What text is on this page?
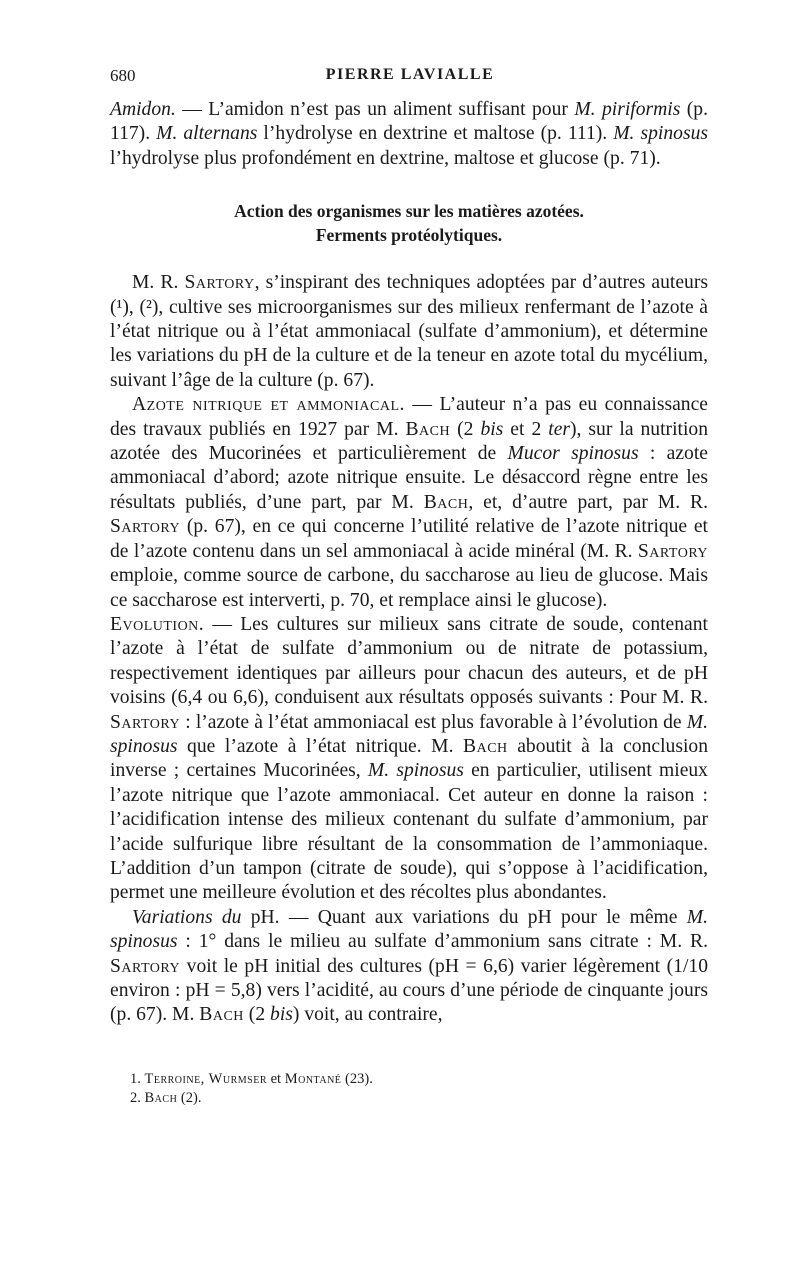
680	PIERRE LAVIALLE

Amidon. — L’amidon n’est pas un aliment suffisant pour M. piriformis (p. 117). M. alternans l’hydrolyse en dextrine et maltose (p. 111). M. spinosus l’hydrolyse plus profondément en dextrine, maltose et glucose (p. 71).

Action des organismes sur les matières azotées.
Ferments protéolytiques.

M. R. Sartory, s’inspirant des techniques adoptées par d’autres auteurs (¹), (²), cultive ses microorganismes sur des milieux renfermant de l’azote à l’état nitrique ou à l’état ammoniacal (sulfate d’ammonium), et détermine les variations du pH de la culture et de la teneur en azote total du mycélium, suivant l’âge de la culture (p. 67).

Azote nitrique et ammoniacal. — L’auteur n’a pas eu connaissance des travaux publiés en 1927 par M. Bach (2 bis et 2 ter), sur la nutrition azotée des Mucorinées et particulièrement de Mucor spinosus : azote ammoniacal d’abord; azote nitrique ensuite. Le désaccord règne entre les résultats publiés, d’une part, par M. Bach, et, d’autre part, par M. R. Sartory (p. 67), en ce qui concerne l’utilité relative de l’azote nitrique et de l’azote contenu dans un sel ammoniacal à acide minéral (M. R. Sartory emploie, comme source de carbone, du saccharose au lieu de glucose. Mais ce saccharose est interverti, p. 70, et remplace ainsi le glucose).

Evolution. — Les cultures sur milieux sans citrate de soude, contenant l’azote à l’état de sulfate d’ammonium ou de nitrate de potassium, respectivement identiques par ailleurs pour chacun des auteurs, et de pH voisins (6,4 ou 6,6), conduisent aux résultats opposés suivants : Pour M. R. Sartory : l’azote à l’état ammoniacal est plus favorable à l’évolution de M. spinosus que l’azote à l’état nitrique. M. Bach aboutit à la conclusion inverse ; certaines Mucorinées, M. spinosus en particulier, utilisent mieux l’azote nitrique que l’azote ammoniacal. Cet auteur en donne la raison : l’acidification intense des milieux contenant du sulfate d’ammonium, par l’acide sulfurique libre résultant de la consommation de l’ammoniaque. L’addition d’un tampon (citrate de soude), qui s’oppose à l’acidification, permet une meilleure évolution et des récoltes plus abondantes.

Variations du pH. — Quant aux variations du pH pour le même M. spinosus : 1° dans le milieu au sulfate d’ammonium sans citrate : M. R. Sartory voit le pH initial des cultures (pH = 6,6) varier légèrement (1/10 environ : pH = 5,8) vers l’acidité, au cours d’une période de cinquante jours (p. 67). M. Bach (2 bis) voit, au contraire,

1. Terroine, Wurmser et Montané (23).
2. Bach (2).
